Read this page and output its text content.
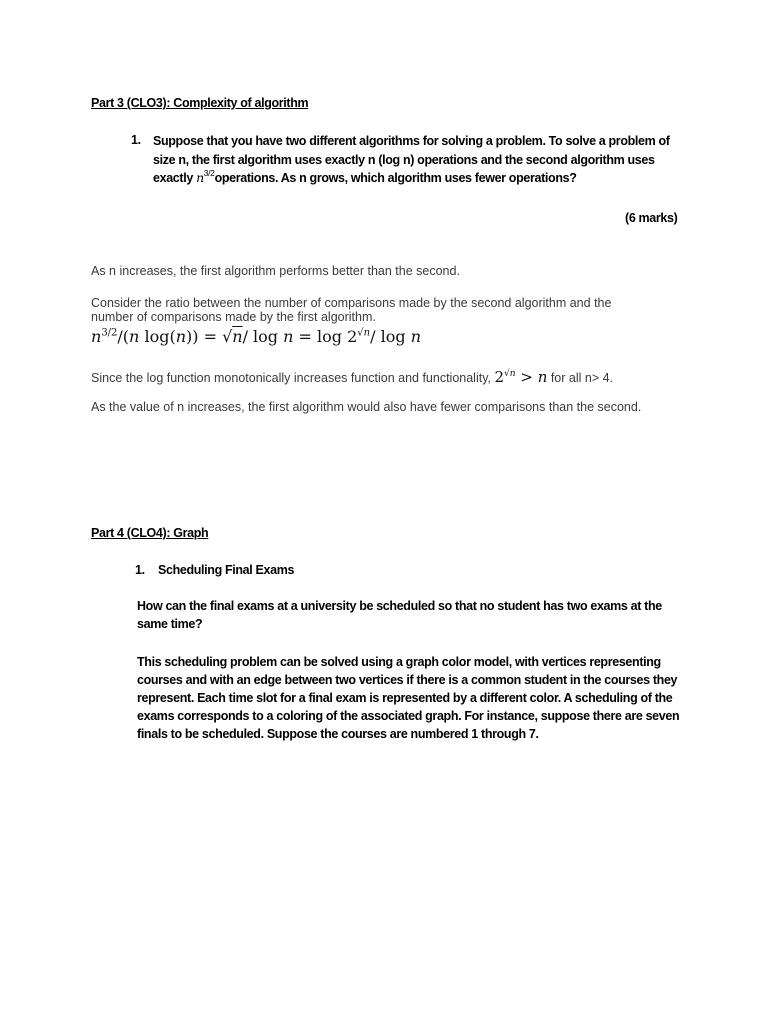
Part 3 (CLO3): Complexity of algorithm
1. Suppose that you have two different algorithms for solving a problem. To solve a problem of
size n, the first algorithm uses exactly n (log n) operations and the second algorithm uses
exactly $n^{3/2}operations$. As n grows, which algorithm uses fewer operations?
(6 marks)
As n increases, the first algorithm performs better than the second.
Consider the ratio between the number of comparisons made by the second algorithm and the
number of comparisons made by the first algorithm.
$n^{3/2}/(n$ log(n)) = √n/ $\log n = \log 2^{√n}/$ log n
Since the log function monotonically increases function and functionality, $2^{√n} > n$ for all n> 4.
As the value of n increases, the first algorithm would also have fewer comparisons than the second.
Part 4 (CLO4): Graph
1. Scheduling Final Exams
How can the final exams at a university be scheduled so that no student has two exams at the
same time?
This scheduling problem can be solved using a graph color model, with vertices representing
courses and with an edge between two vertices if there is a common student in the courses they
represent. Each time slot for a final exam is represented by a different color. A scheduling of the
exams corresponds to a coloring of the associated graph. For instance, suppose there are seven
finals to be scheduled. Suppose the courses are numbered 1 through 7.
